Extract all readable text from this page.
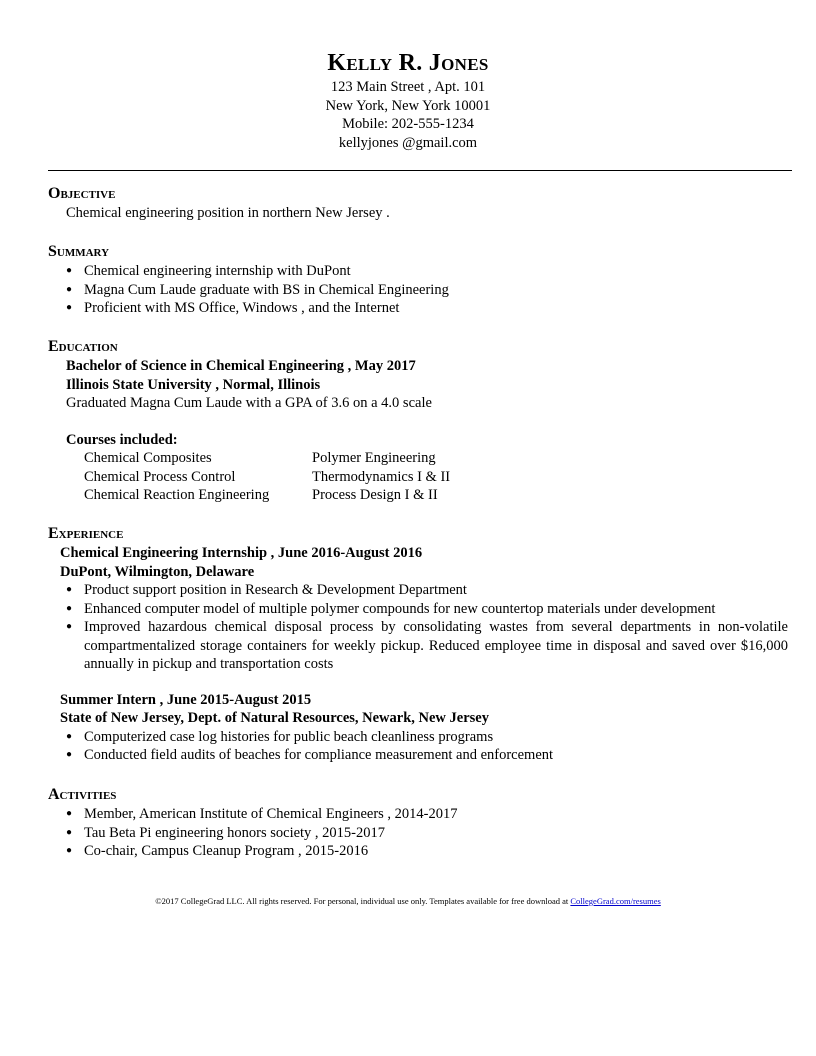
Kelly R. Jones
123 Main Street , Apt. 101
New York, New York 10001
Mobile: 202-555-1234
kellyjones @gmail.com
Objective
Chemical engineering position in northern New Jersey .
Summary
● Chemical engineering internship with DuPont
● Magna Cum Laude graduate with BS in Chemical Engineering
● Proficient with MS Office, Windows , and the Internet
Education
Bachelor of Science in Chemical Engineering , May 2017
Illinois State University , Normal, Illinois
Graduated Magna Cum Laude with a GPA of 3.6 on a 4.0 scale
Courses included:
Chemical Composites	Polymer Engineering
Chemical Process Control	Thermodynamics I & II
Chemical Reaction Engineering	Process Design I & II
Experience
Chemical Engineering Internship , June 2016-August 2016
DuPont, Wilmington, Delaware
● Product support position in Research & Development Department
● Enhanced computer model of multiple polymer compounds for new countertop materials under development
● Improved hazardous chemical disposal process by consolidating wastes from several departments in non-volatile compartmentalized storage containers for weekly pickup. Reduced employee time in disposal and saved over $16,000 annually in pickup and transportation costs
Summer Intern , June 2015-August 2015
State of New Jersey, Dept. of Natural Resources, Newark, New Jersey
● Computerized case log histories for public beach cleanliness programs
● Conducted field audits of beaches for compliance measurement and enforcement
Activities
● Member, American Institute of Chemical Engineers , 2014-2017
● Tau Beta Pi engineering honors society , 2015-2017
● Co-chair, Campus Cleanup Program , 2015-2016
©2017 CollegeGrad LLC. All rights reserved. For personal, individual use only. Templates available for free download at CollegeGrad.com/resumes
